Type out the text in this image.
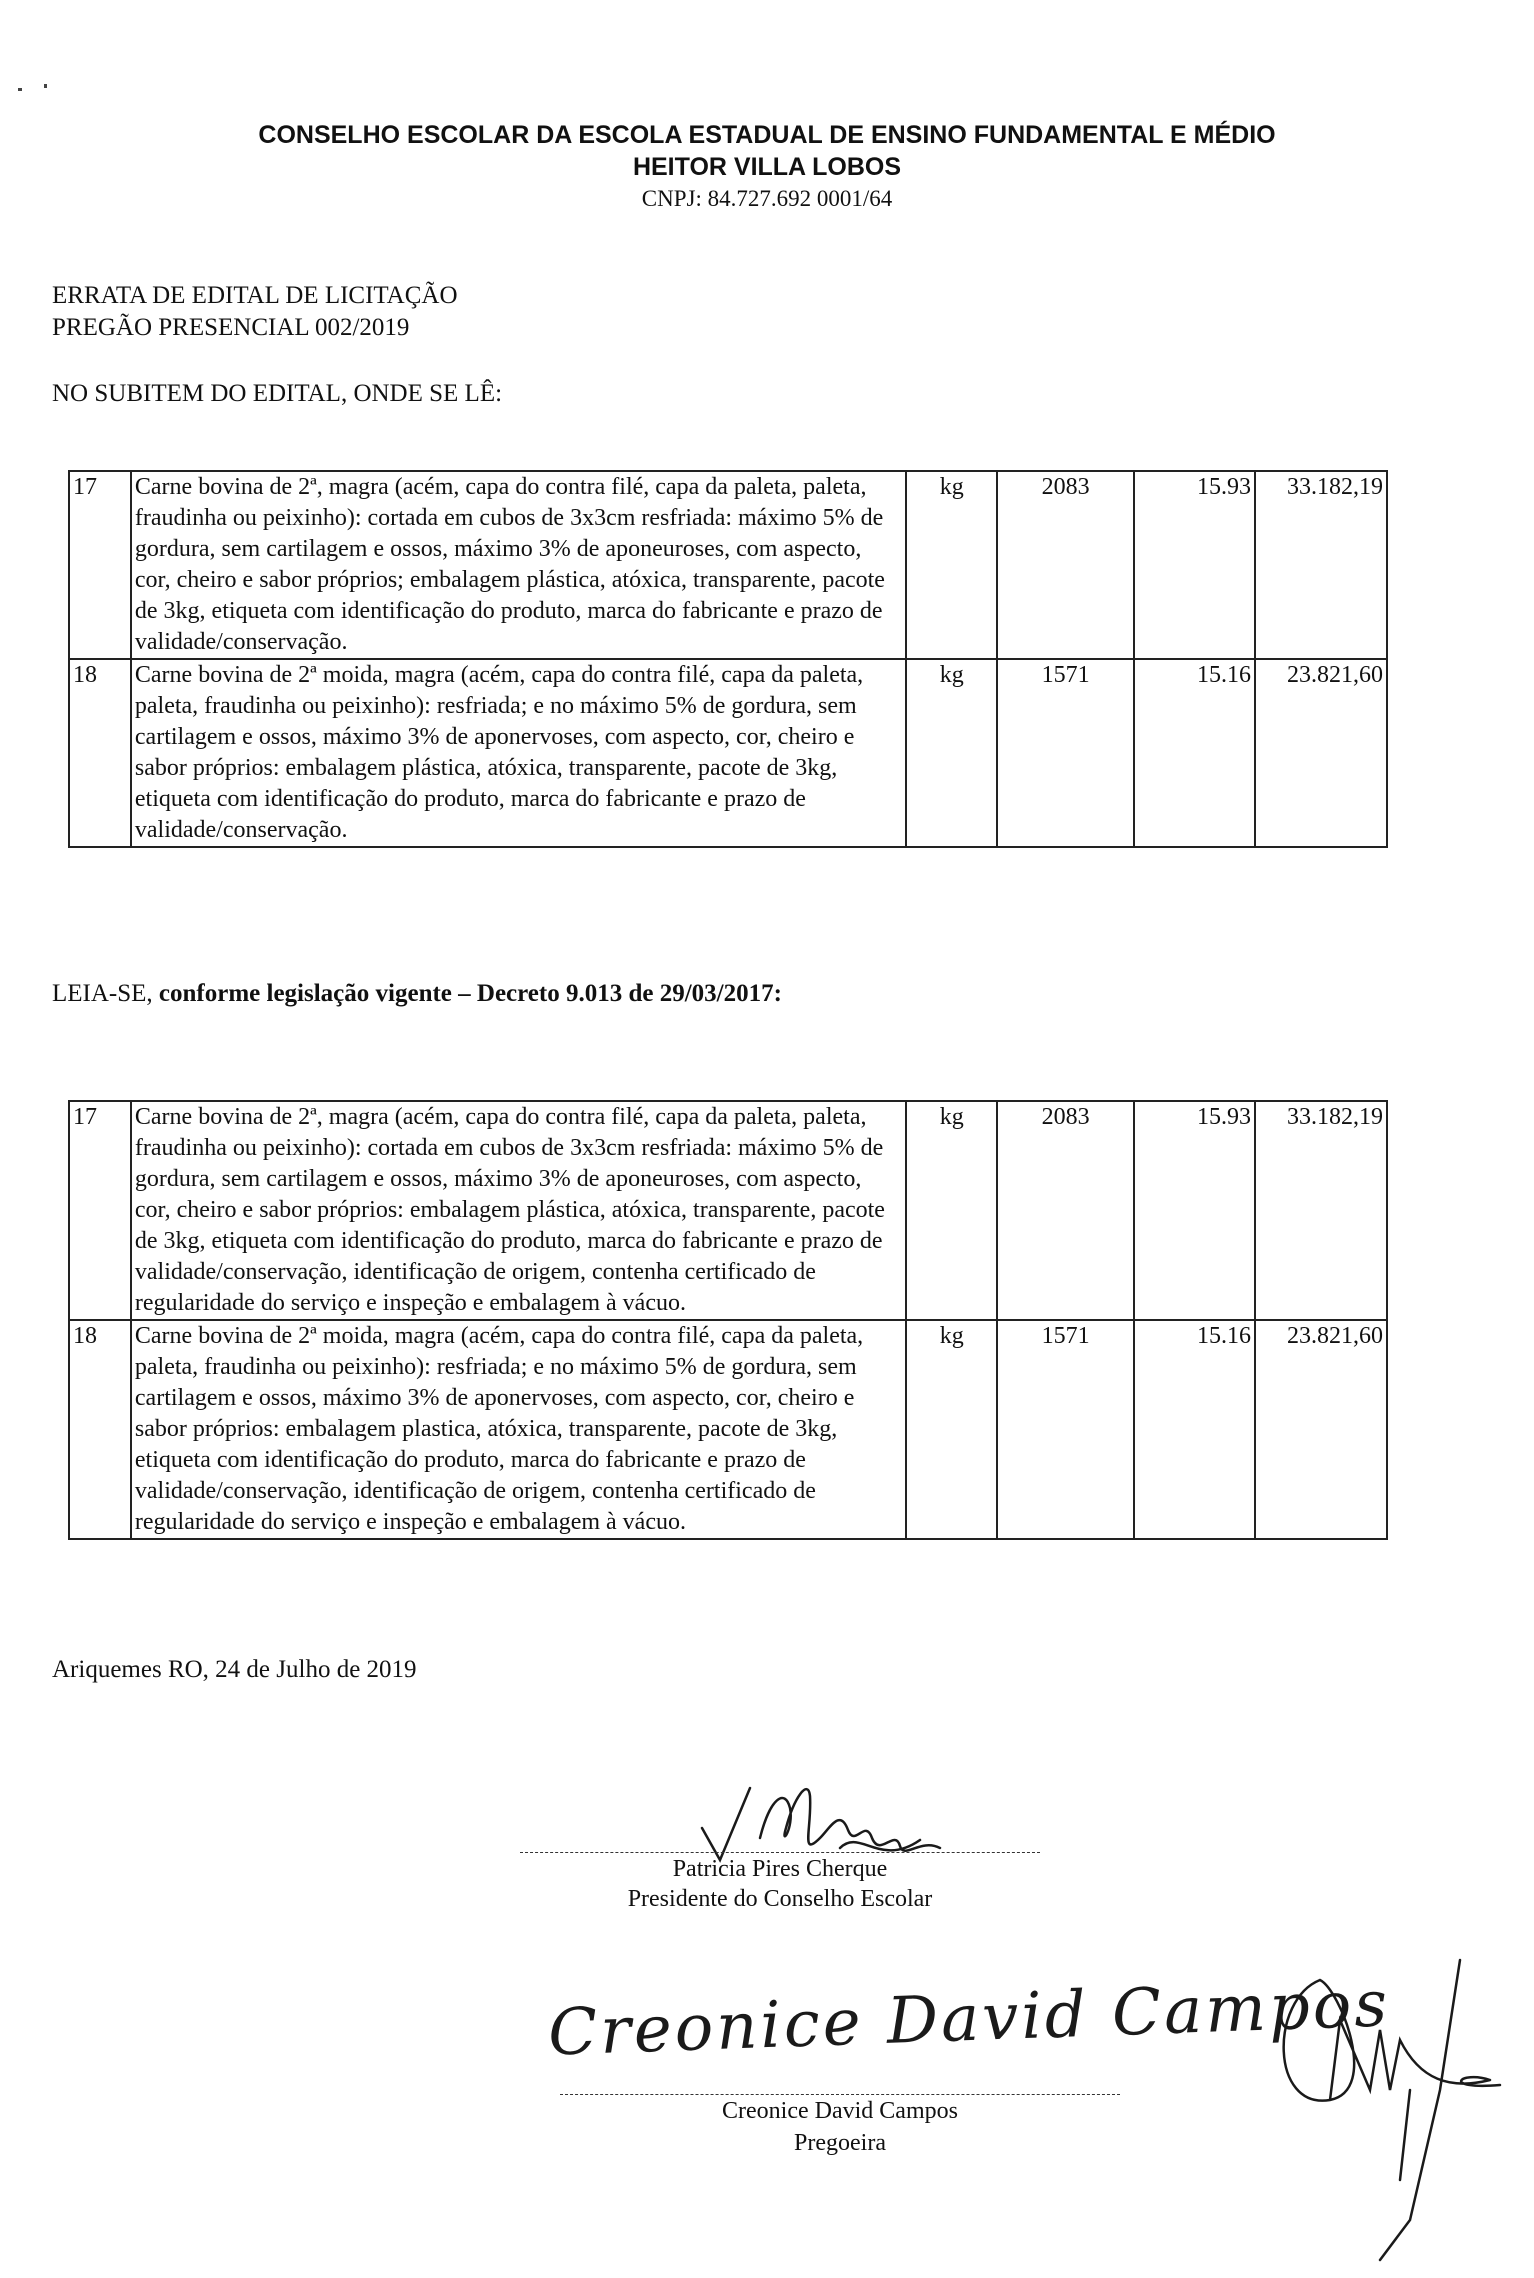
CONSELHO ESCOLAR DA ESCOLA ESTADUAL DE ENSINO FUNDAMENTAL E MÉDIO
HEITOR VILLA LOBOS
CNPJ: 84.727.692 0001/64
ERRATA DE EDITAL DE LICITAÇÃO
PREGÃO PRESENCIAL 002/2019
NO SUBITEM DO EDITAL, ONDE SE LÊ:
17	Carne bovina de 2ª, magra (acém, capa do contra filé, capa da paleta, paleta, fraudinha ou peixinho): cortada em cubos de 3x3cm resfriada: máximo 5% de gordura, sem cartilagem e ossos, máximo 3% de aponeuroses, com aspecto, cor, cheiro e sabor próprios; embalagem plástica, atóxica, transparente, pacote de 3kg, etiqueta com identificação do produto, marca do fabricante e prazo de validade/conservação.	kg	2083	15.93	33.182,19
18	Carne bovina de 2ª moida, magra (acém, capa do contra filé, capa da paleta, paleta, fraudinha ou peixinho): resfriada; e no máximo 5% de gordura, sem cartilagem e ossos, máximo 3% de aponervoses, com aspecto, cor, cheiro e sabor próprios: embalagem plástica, atóxica, transparente, pacote de 3kg, etiqueta com identificação do produto, marca do fabricante e prazo de validade/conservação.	kg	1571	15.16	23.821,60
LEIA-SE, conforme legislação vigente – Decreto 9.013 de 29/03/2017:
17	Carne bovina de 2ª, magra (acém, capa do contra filé, capa da paleta, paleta, fraudinha ou peixinho): cortada em cubos de 3x3cm resfriada: máximo 5% de gordura, sem cartilagem e ossos, máximo 3% de aponeuroses, com aspecto, cor, cheiro e sabor próprios: embalagem plástica, atóxica, transparente, pacote de 3kg, etiqueta com identificação do produto, marca do fabricante e prazo de validade/conservação, identificação de origem, contenha certificado de regularidade do serviço e inspeção e embalagem à vácuo.	kg	2083	15.93	33.182,19
18	Carne bovina de 2ª moida, magra (acém, capa do contra filé, capa da paleta, paleta, fraudinha ou peixinho): resfriada; e no máximo 5% de gordura, sem cartilagem e ossos, máximo 3% de aponervoses, com aspecto, cor, cheiro e sabor próprios: embalagem plastica, atóxica, transparente, pacote de 3kg, etiqueta com identificação do produto, marca do fabricante e prazo de validade/conservação, identificação de origem, contenha certificado de regularidade do serviço e inspeção e embalagem à vácuo.	kg	1571	15.16	23.821,60
Ariquemes RO, 24 de Julho de 2019
Patricia Pires Cherque
Presidente do Conselho Escolar
Creonice David Campos
Creonice David Campos
Pregoeira
